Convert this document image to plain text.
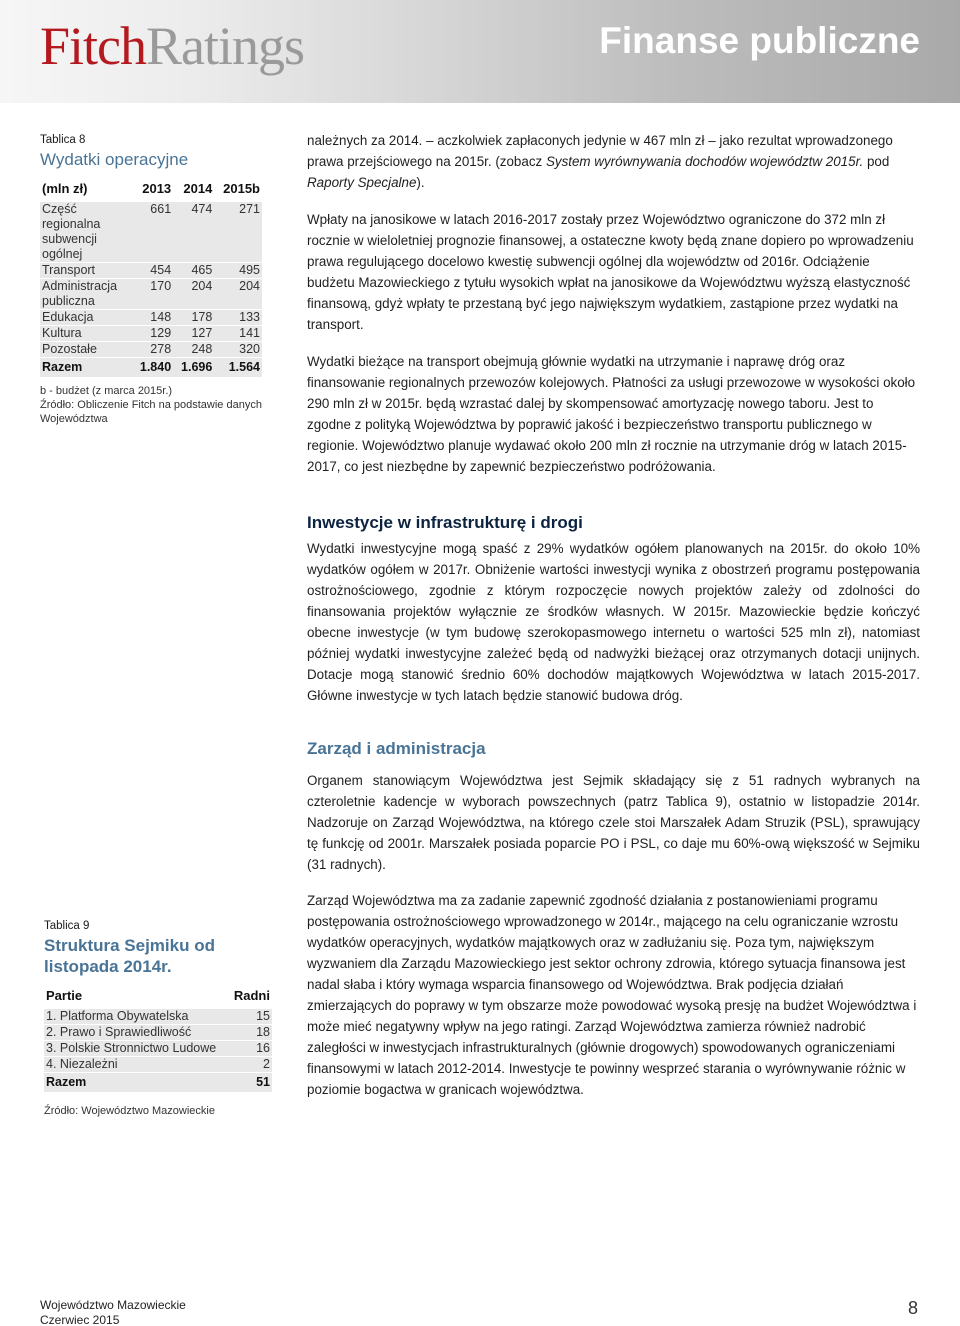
FitchRatings	Finanse publiczne
Tablica 8
Wydatki operacyjne
(mln zł)	2013	2014	2015b
Część regionalna subwencji ogólnej	661	474	271
Transport	454	465	495
Administracja publiczna	170	204	204
Edukacja	148	178	133
Kultura	129	127	141
Pozostałe	278	248	320
Razem	1.840	1.696	1.564
b - budżet (z marca 2015r.)
Źródło: Obliczenie Fitch na podstawie danych Województwa

należnych za 2014. – aczkolwiek zapłaconych jedynie w 467 mln zł – jako rezultat wprowadzonego prawa przejściowego na 2015r. (zobacz System wyrównywania dochodów województw 2015r. pod Raporty Specjalne).

Wpłaty na janosikowe w latach 2016-2017 zostały przez Województwo ograniczone do 372 mln zł rocznie w wieloletniej prognozie finansowej, a ostateczne kwoty będą znane dopiero po wprowadzeniu prawa regulującego docelowo kwestię subwencji ogólnej dla województw od 2016r. Odciążenie budżetu Mazowieckiego z tytułu wysokich wpłat na janosikowe da Województwu wyższą elastyczność finansową, gdyż wpłaty te przestaną być jego największym wydatkiem, zastąpione przez wydatki na transport.

Wydatki bieżące na transport obejmują głównie wydatki na utrzymanie i naprawę dróg oraz finansowanie regionalnych przewozów kolejowych. Płatności za usługi przewozowe w wysokości około 290 mln zł w 2015r. będą wzrastać dalej by skompensować amortyzację nowego taboru. Jest to zgodne z polityką Województwa by poprawić jakość i bezpieczeństwo transportu publicznego w regionie. Województwo planuje wydawać około 200 mln zł rocznie na utrzymanie dróg w latach 2015-2017, co jest niezbędne by zapewnić bezpieczeństwo podróżowania.

Inwestycje w infrastrukturę i drogi

Wydatki inwestycyjne mogą spaść z 29% wydatków ogółem planowanych na 2015r. do około 10% wydatków ogółem w 2017r. Obniżenie wartości inwestycji wynika z obostrzeń programu postępowania ostrożnościowego, zgodnie z którym rozpoczęcie nowych projektów zależy od zdolności do finansowania projektów wyłącznie ze środków własnych. W 2015r. Mazowieckie będzie kończyć obecne inwestycje (w tym budowę szerokopasmowego internetu o wartości 525 mln zł), natomiast później wydatki inwestycyjne zależeć będą od nadwyżki bieżącej oraz otrzymanych dotacji unijnych. Dotacje mogą stanowić średnio 60% dochodów majątkowych Województwa w latach 2015-2017. Główne inwestycje w tych latach będzie stanowić budowa dróg.

Zarząd i administracja

Organem stanowiącym Województwa jest Sejmik składający się z 51 radnych wybranych na czteroletnie kadencje w wyborach powszechnych (patrz Tablica 9), ostatnio w listopadzie 2014r. Nadzoruje on Zarząd Województwa, na którego czele stoi Marszałek Adam Struzik (PSL), sprawujący tę funkcję od 2001r. Marszałek posiada poparcie PO i PSL, co daje mu 60%-ową większość w Sejmiku (31 radnych).

Zarząd Województwa ma za zadanie zapewnić zgodność działania z postanowieniami programu postępowania ostrożnościowego wprowadzonego w 2014r., mającego na celu ograniczanie wzrostu wydatków operacyjnych, wydatków majątkowych oraz w zadłużaniu się. Poza tym, największym wyzwaniem dla Zarządu Mazowieckiego jest sektor ochrony zdrowia, którego sytuacja finansowa jest nadal słaba i który wymaga wsparcia finansowego od Województwa. Brak podjęcia działań zmierzających do poprawy w tym obszarze może powodować wysoką presję na budżet Województwa i może mieć negatywny wpływ na jego ratingi. Zarząd Województwa zamierza również nadrobić zaległości w inwestycjach infrastrukturalnych (głównie drogowych) spowodowanych ograniczeniami finansowymi w latach 2012-2014. Inwestycje te powinny wesprzeć starania o wyrównywanie różnic w poziomie bogactwa w granicach województwa.

Tablica 9
Struktura Sejmiku od listopada 2014r.
Partie	Radni
1. Platforma Obywatelska	15
2. Prawo i Sprawiedliwość	18
3. Polskie Stronnictwo Ludowe	16
4. Niezależni	2
Razem	51
Źródło: Województwo Mazowieckie
Województwo Mazowieckie
Czerwiec 2015
8
